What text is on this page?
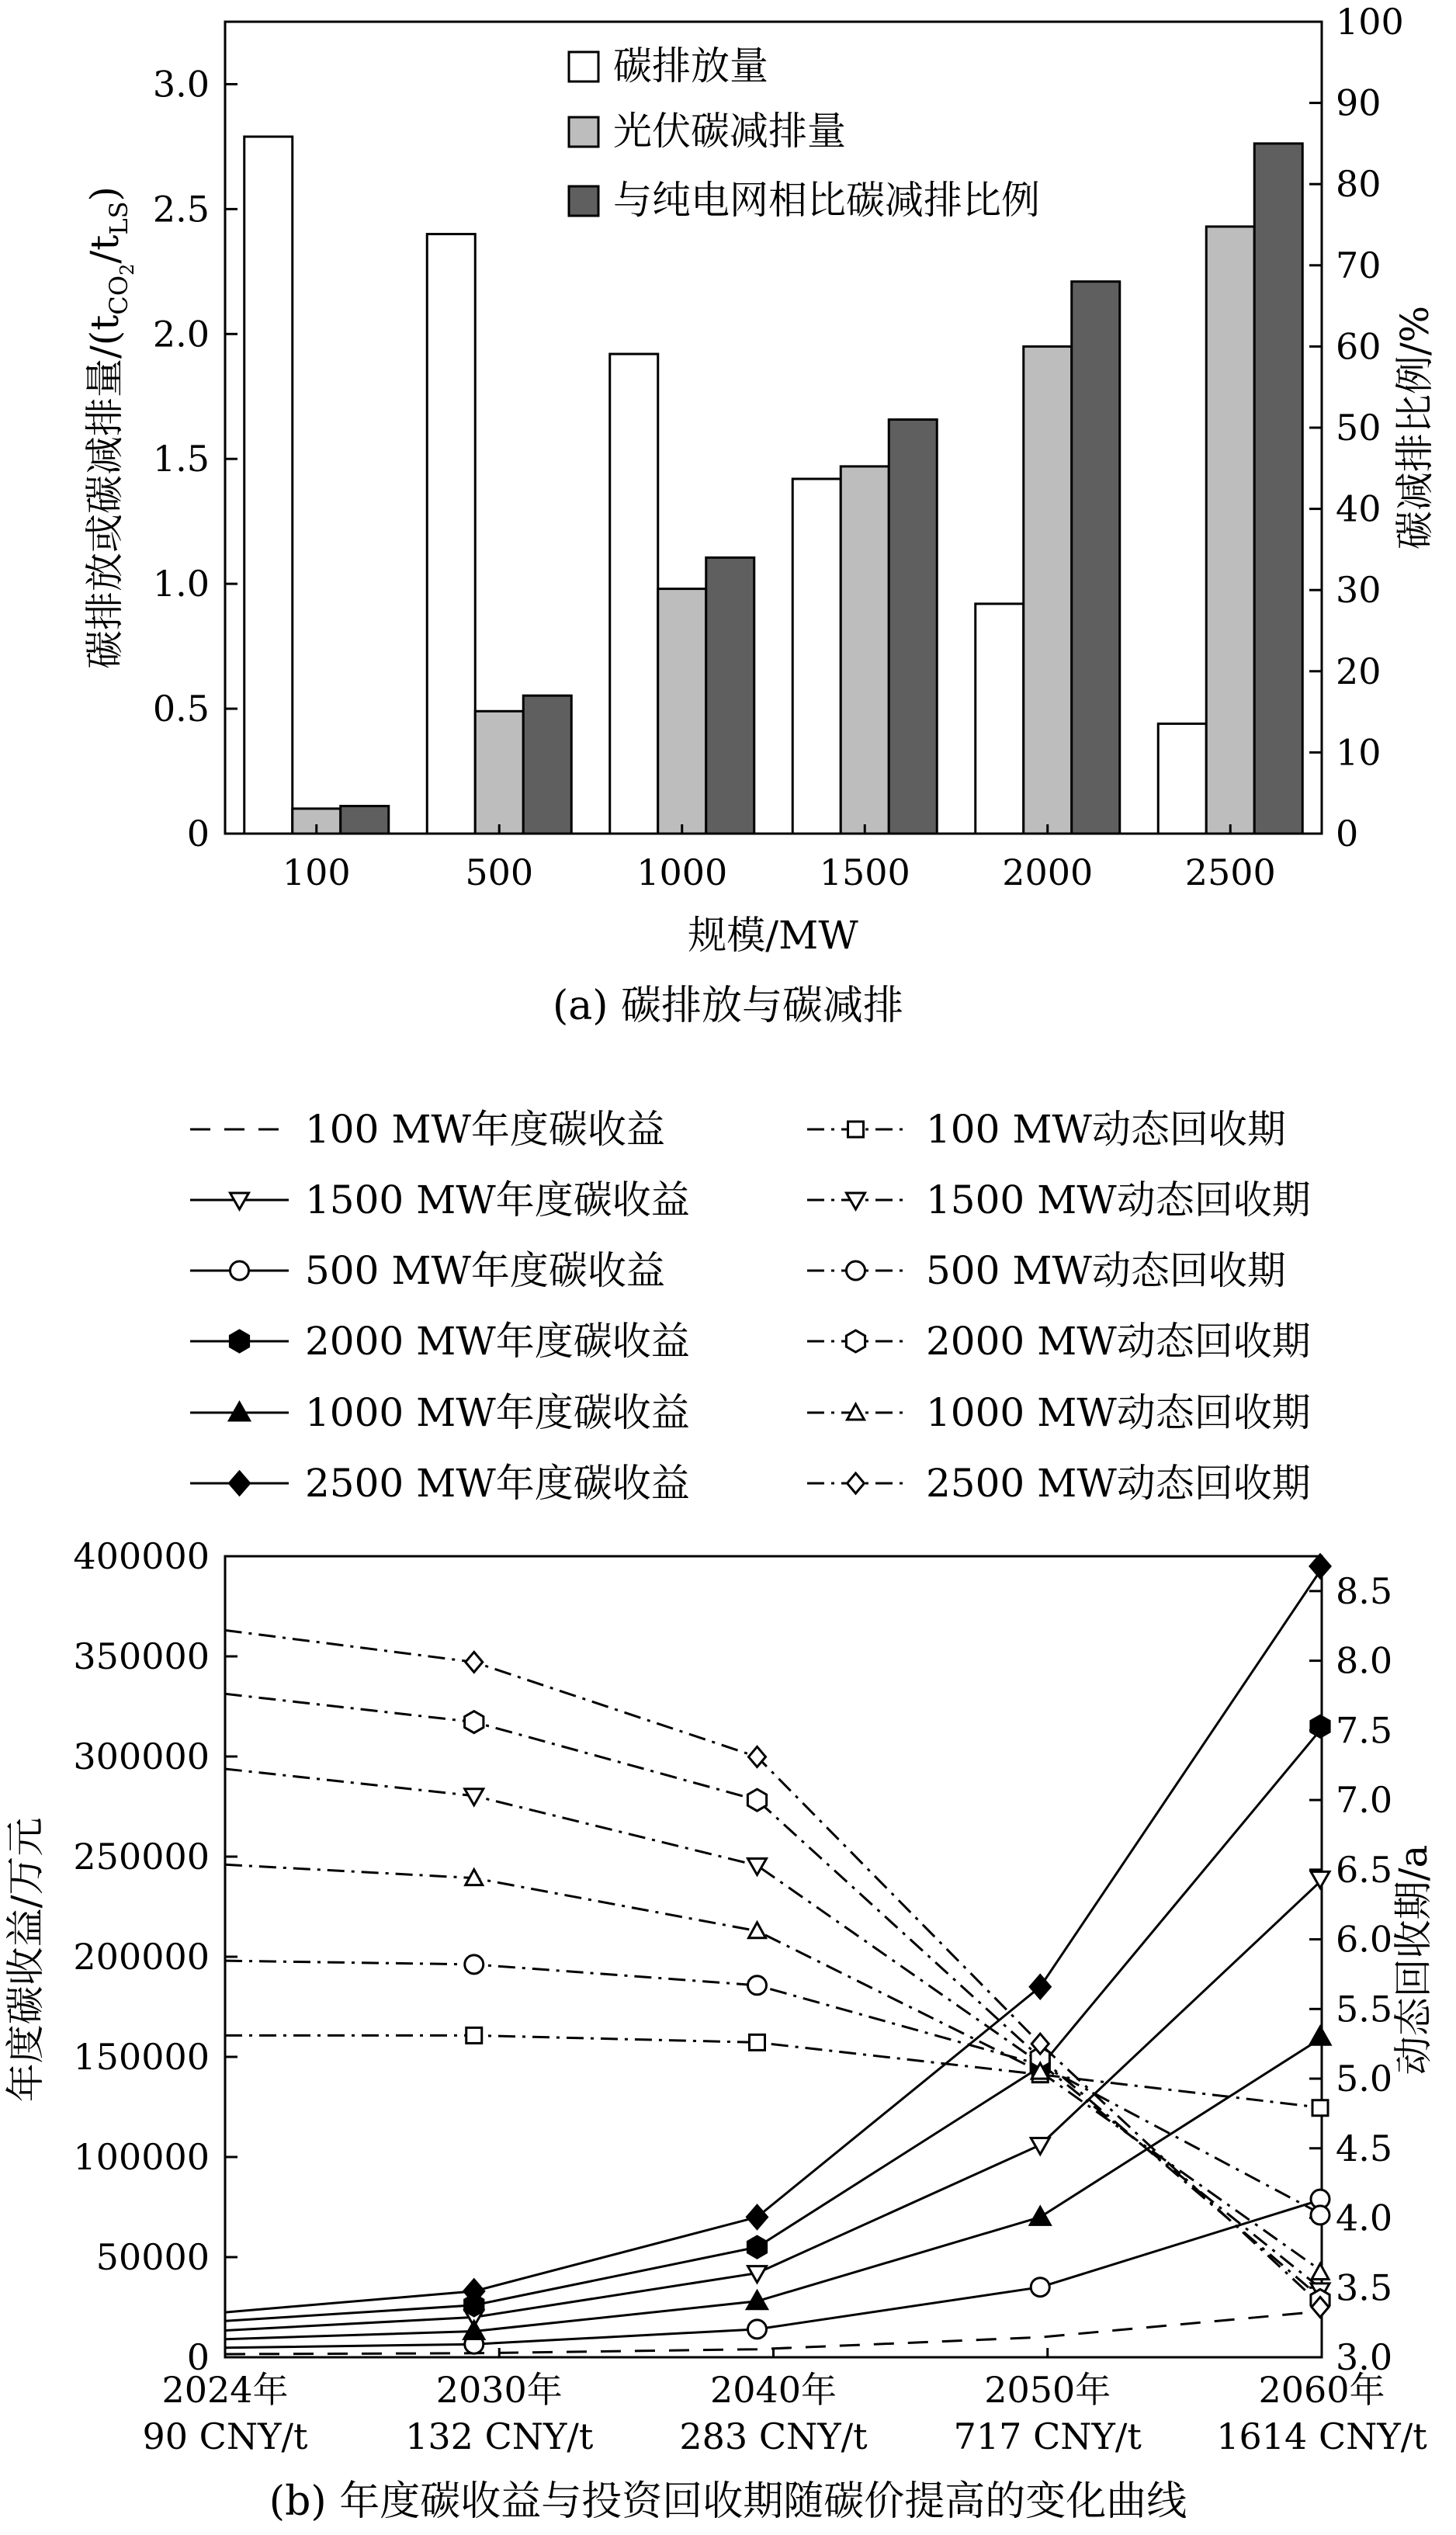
0
0.5
1.0
1.5
2.0
2.5
3.0
0
10
20
30
40
50
60
70
80
90
100
100	500	1000	1500	2000	2500
碳排放量
光伏碳减排量
与纯电网相比碳减排比例
碳排放或碳减排量$/(t_{CO}2/t_{LS})$
碳减排比例/%
规模/MW
(a) 碳排放与碳减排
100 MW年度碳收益	100 MW动态回收期
1500 MW年度碳收益	1500 MW动态回收期
500 MW年度碳收益	500 MW动态回收期
2000 MW年度碳收益	2000 MW动态回收期
1000 MW年度碳收益	1000 MW动态回收期
2500 MW年度碳收益	2500 MW动态回收期
0
50000
100000
150000
200000
250000
300000
350000
400000
3.0
3.5
4.0
4.5
5.0
5.5
6.0
6.5
7.0
7.5
8.0
8.5
2024年
90 CNY/t
2030年
132 CNY/t
2040年
283 CNY/t
2050年
717 CNY/t
2060年
1614 CNY/t
年度碳收益/万元	动态回收期/a
(b) 年度碳收益与投资回收期随碳价提高的变化曲线
